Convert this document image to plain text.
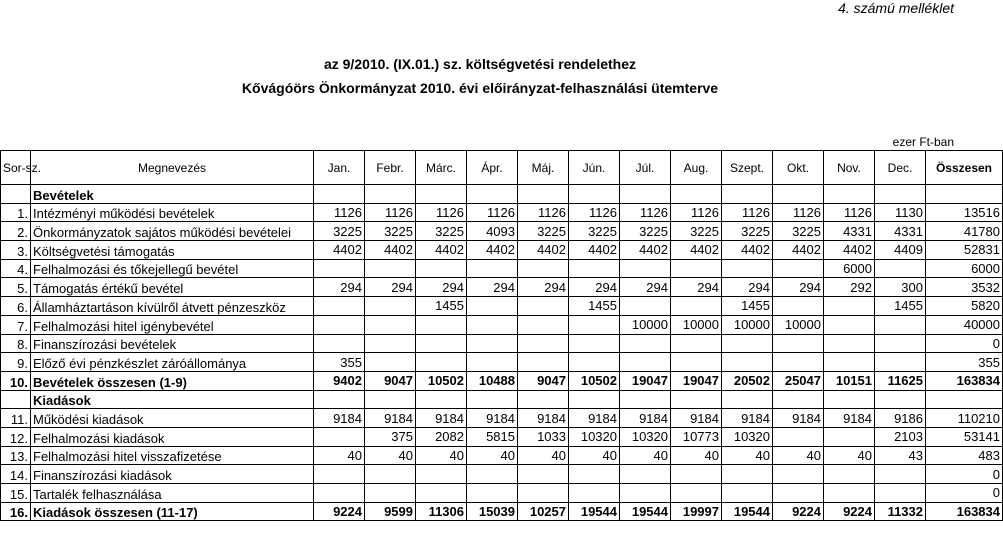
4. számú melléklet
az 9/2010. (IX.01.) sz. költségvetési rendelethez
Kővágóörs Önkormányzat 2010. évi előirányzat-felhasználási ütemterve
ezer Ft-ban
Sor-sz.	Megnevezés	Jan.	Febr.	Márc.	Ápr.	Máj.	Jún.	Júl.	Aug.	Szept.	Okt.	Nov.	Dec.	Összesen
	Bevételek													
1.	Intézményi működési bevételek	1126	1126	1126	1126	1126	1126	1126	1126	1126	1126	1126	1130	13516
2.	Önkormányzatok sajátos működési bevételei	3225	3225	3225	4093	3225	3225	3225	3225	3225	3225	4331	4331	41780
3.	Költségvetési támogatás	4402	4402	4402	4402	4402	4402	4402	4402	4402	4402	4402	4409	52831
4.	Felhalmozási és tőkejellegű bevétel											6000		6000
5.	Támogatás értékű bevétel	294	294	294	294	294	294	294	294	294	294	292	300	3532
6.	Államháztartáson kívülről átvett pénzeszköz			1455			1455			1455			1455	5820
7.	Felhalmozási hitel igénybevétel							10000	10000	10000	10000			40000
8.	Finanszírozási bevételek													0
9.	Előző évi pénzkészlet záróállománya	355												355
10.	Bevételek összesen (1-9)	9402	9047	10502	10488	9047	10502	19047	19047	20502	25047	10151	11625	163834
	Kiadások													
11.	Működési kiadások	9184	9184	9184	9184	9184	9184	9184	9184	9184	9184	9184	9186	110210
12.	Felhalmozási kiadások		375	2082	5815	1033	10320	10320	10773	10320			2103	53141
13.	Felhalmozási hitel visszafizetése	40	40	40	40	40	40	40	40	40	40	40	43	483
14.	Finanszírozási kiadások													0
15.	Tartalék felhasználása													0
16.	Kiadások összesen (11-17)	9224	9599	11306	15039	10257	19544	19544	19997	19544	9224	9224	11332	163834
